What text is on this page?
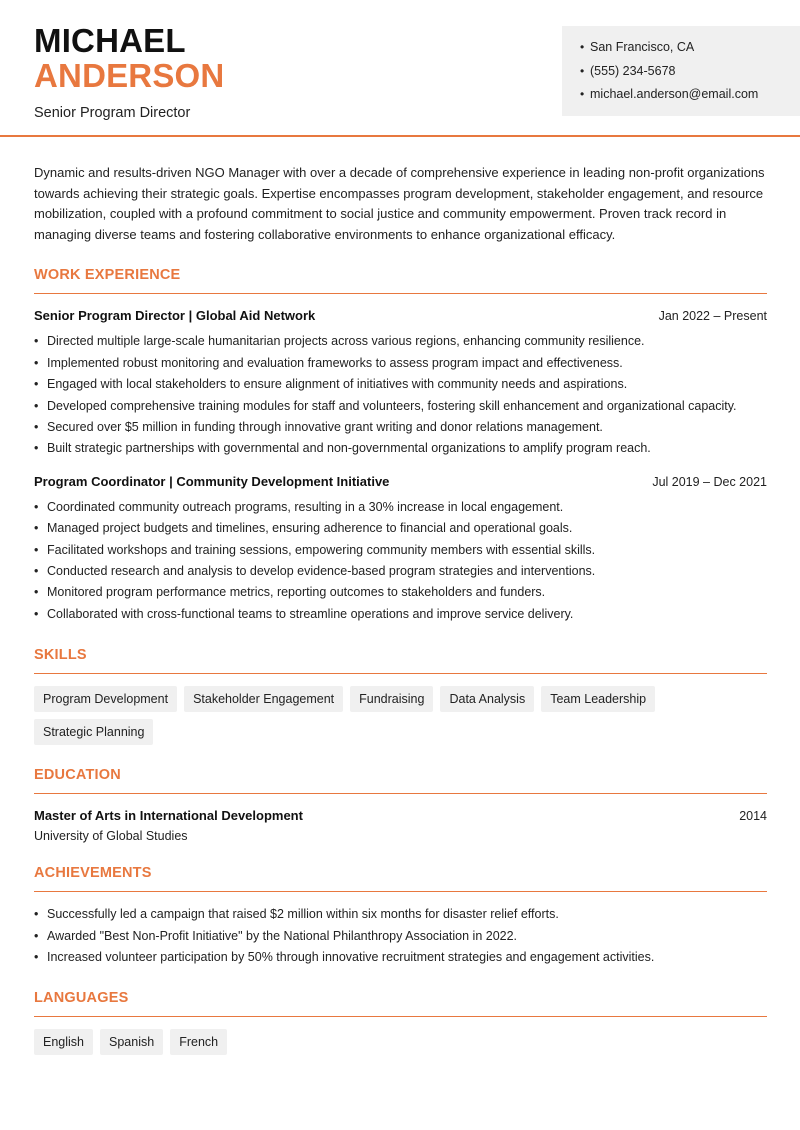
MICHAEL
ANDERSON
Senior Program Director
• San Francisco, CA
• (555) 234-5678
• michael.anderson@email.com

Dynamic and results-driven NGO Manager with over a decade of comprehensive experience in leading non-profit organizations towards achieving their strategic goals. Expertise encompasses program development, stakeholder engagement, and resource mobilization, coupled with a profound commitment to social justice and community empowerment. Proven track record in managing diverse teams and fostering collaborative environments to enhance organizational efficacy.

WORK EXPERIENCE
Senior Program Director | Global Aid Network	Jan 2022 – Present
• Directed multiple large-scale humanitarian projects across various regions, enhancing community resilience.
• Implemented robust monitoring and evaluation frameworks to assess program impact and effectiveness.
• Engaged with local stakeholders to ensure alignment of initiatives with community needs and aspirations.
• Developed comprehensive training modules for staff and volunteers, fostering skill enhancement and organizational capacity.
• Secured over $5 million in funding through innovative grant writing and donor relations management.
• Built strategic partnerships with governmental and non-governmental organizations to amplify program reach.
Program Coordinator | Community Development Initiative	Jul 2019 – Dec 2021
• Coordinated community outreach programs, resulting in a 30% increase in local engagement.
• Managed project budgets and timelines, ensuring adherence to financial and operational goals.
• Facilitated workshops and training sessions, empowering community members with essential skills.
• Conducted research and analysis to develop evidence-based program strategies and interventions.
• Monitored program performance metrics, reporting outcomes to stakeholders and funders.
• Collaborated with cross-functional teams to streamline operations and improve service delivery.
SKILLS
Program Development	Stakeholder Engagement	Fundraising	Data Analysis	Team Leadership
Strategic Planning
EDUCATION
Master of Arts in International Development	2014
University of Global Studies
ACHIEVEMENTS
• Successfully led a campaign that raised $2 million within six months for disaster relief efforts.
• Awarded "Best Non-Profit Initiative" by the National Philanthropy Association in 2022.
• Increased volunteer participation by 50% through innovative recruitment strategies and engagement activities.
LANGUAGES
English	Spanish	French
